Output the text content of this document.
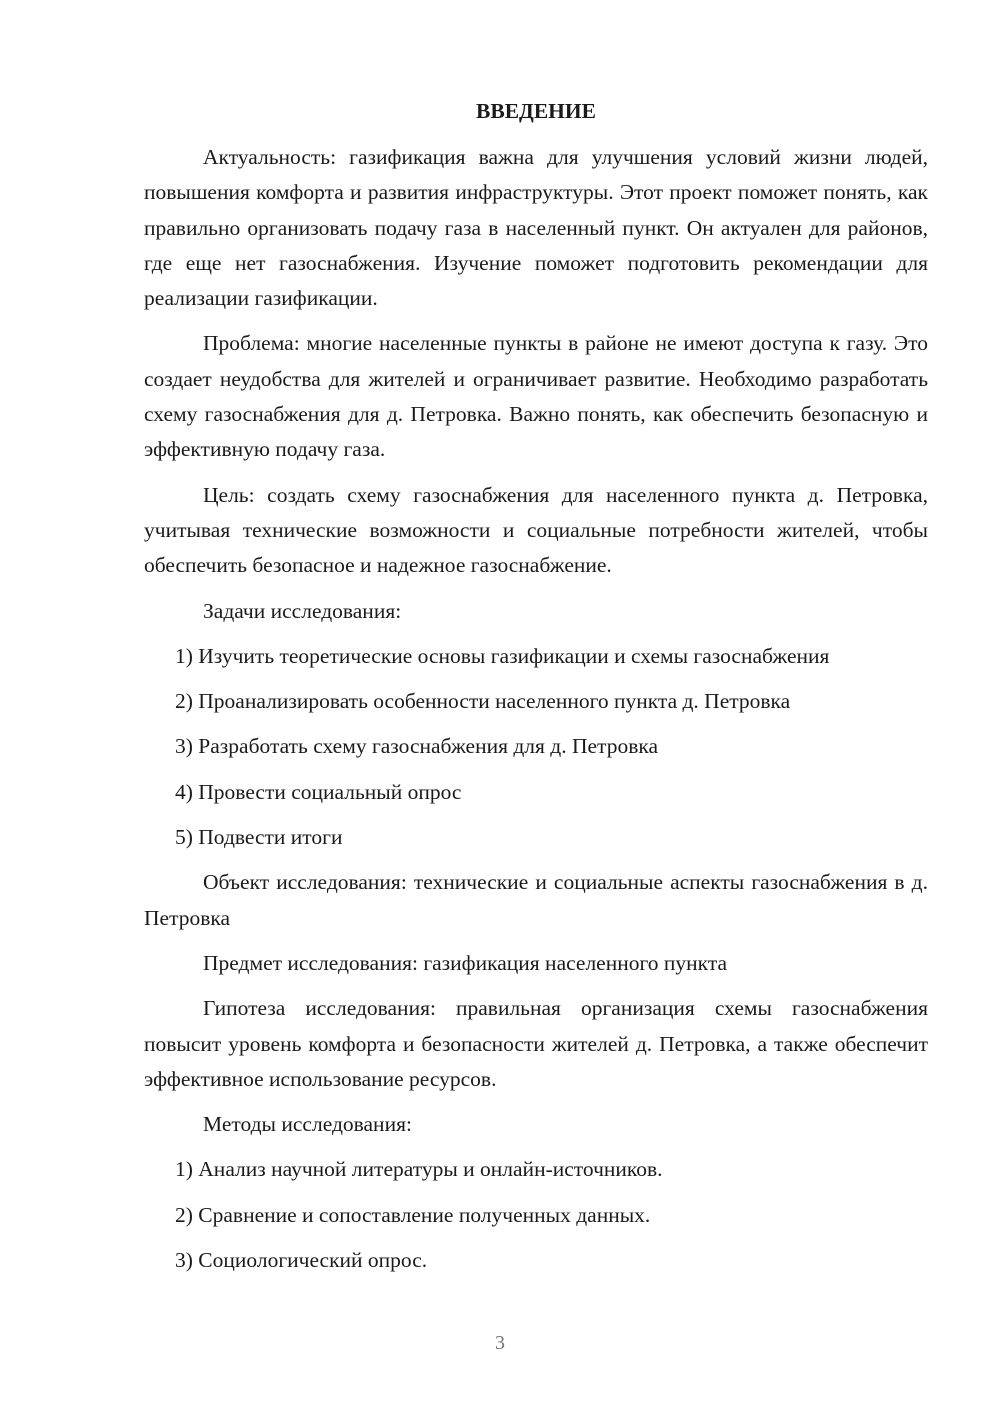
ВВЕДЕНИЕ

Актуальность: газификация важна для улучшения условий жизни людей, повышения комфорта и развития инфраструктуры. Этот проект поможет понять, как правильно организовать подачу газа в населенный пункт. Он актуален для районов, где еще нет газоснабжения. Изучение поможет подготовить рекомендации для реализации газификации.

Проблема: многие населенные пункты в районе не имеют доступа к газу. Это создает неудобства для жителей и ограничивает развитие. Необходимо разработать схему газоснабжения для д. Петровка. Важно понять, как обеспечить безопасную и эффективную подачу газа.

Цель: создать схему газоснабжения для населенного пункта д. Петровка, учитывая технические возможности и социальные потребности жителей, чтобы обеспечить безопасное и надежное газоснабжение.

Задачи исследования:

1) Изучить теоретические основы газификации и схемы газоснабжения

2) Проанализировать особенности населенного пункта д. Петровка

3) Разработать схему газоснабжения для д. Петровка

4) Провести социальный опрос

5) Подвести итоги

Объект исследования: технические и социальные аспекты газоснабжения в д. Петровка

Предмет исследования: газификация населенного пункта

Гипотеза исследования: правильная организация схемы газоснабжения повысит уровень комфорта и безопасности жителей д. Петровка, а также обеспечит эффективное использование ресурсов.

Методы исследования:

1) Анализ научной литературы и онлайн-источников.

2) Сравнение и сопоставление полученных данных.

3) Социологический опрос.

3
